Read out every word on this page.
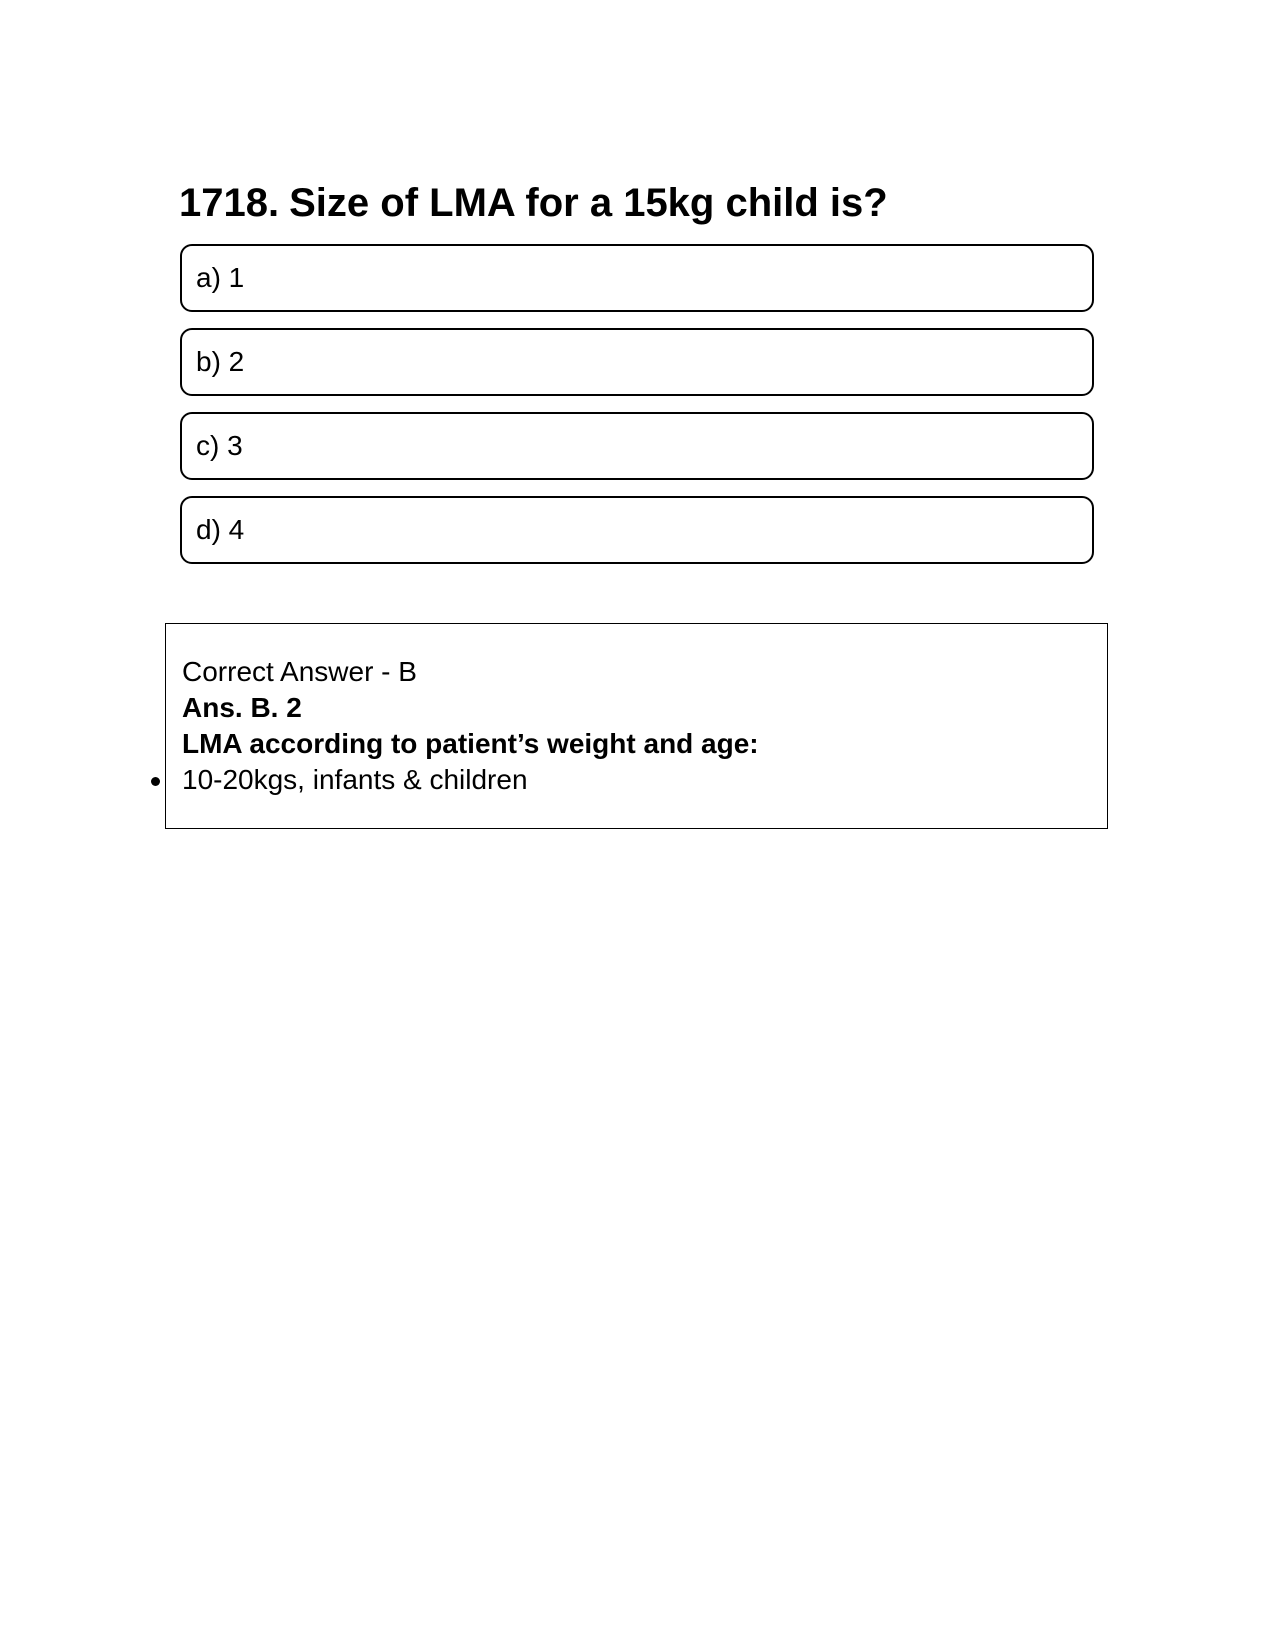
1718. Size of LMA for a 15kg child is?
a) 1
b) 2
c) 3
d) 4

Correct Answer - B

Ans. B. 2

LMA according to patient’s weight and age:

10-20kgs, infants & children
